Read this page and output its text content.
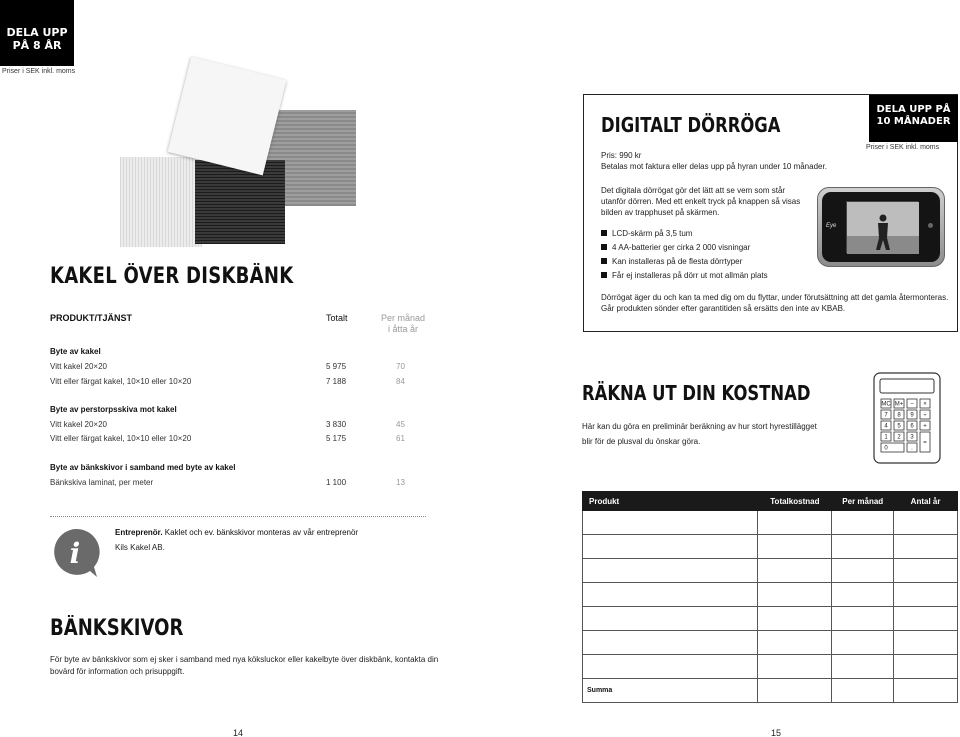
DELA UPP
PÅ 8 ÅR
Priser i SEK inkl. moms
KAKEL ÖVER DISKBÄNK
PRODUKT/TJÄNST	Totalt	Per månad
i åtta år
Byte av kakel
Vitt kakel 20×20	5 975	70
Vitt eller färgat kakel, 10×10 eller 10×20	7 188	84
Byte av perstorpsskiva mot kakel
Vitt kakel 20×20	3 830	45
Vitt eller färgat kakel, 10×10 eller 10×20	5 175	61
Byte av bänkskivor i samband med byte av kakel
Bänkskiva laminat, per meter	1 100	13
i
Entreprenör. Kaklet och ev. bänkskivor monteras av vår entreprenör
Kils Kakel AB.
BÄNKSKIVOR
För byte av bänkskivor som ej sker i samband med nya köksluckor eller kakelbyte över diskbänk, kontakta din bovärd för information och prisuppgift.
14
DIGITALT DÖRRÖGA
DELA UPP PÅ
10 MÅNADER
Priser i SEK inkl. moms
Pris: 990 kr
Betalas mot faktura eller delas upp på hyran under 10 månader.
Det digitala dörrögat gör det lätt att se vem som står utanför dörren. Med ett enkelt tryck på knappen så visas bilden av trapphuset på skärmen.
LCD-skärm på 3,5 tum
4 AA-batterier ger cirka 2 000 visningar
Kan installeras på de flesta dörrtyper
Får ej installeras på dörr ut mot allmän plats
Eye
Dörrögat äger du och kan ta med dig om du flyttar, under förutsättning att det gamla återmonteras. Går produkten sönder efter garantitiden så ersätts den inte av KBAB.
RÄKNA UT DIN KOSTNAD
Här kan du göra en preliminär beräkning av hur stort hyrestillägget
blir för de plusval du önskar göra.
MC M+ − ×
7 8 9 ÷
4 5 6 +
1 2 3
=
0	.
Produkt	Totalkostnad	Per månad	Antal år

Summa			
15
